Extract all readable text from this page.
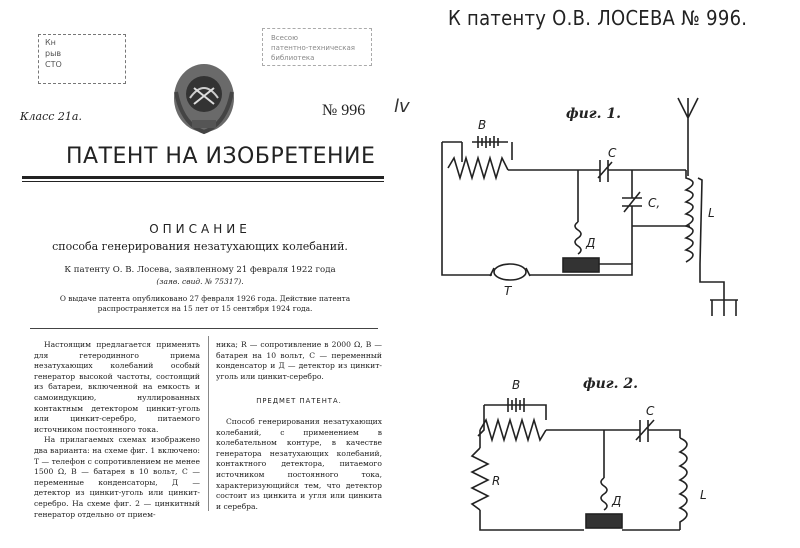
Кн
рыв
СТО
Всесою
патентно-техническая
библиотека
Класс 21a.	№ 996 lv
ПАТЕНТ НА ИЗОБРЕТЕНИЕ
ОПИСАНИЕ
способа генерирования незатухающих колебаний.
К патенту О. В. Лосева, заявленному 21 февраля 1922 года
(заяв. свид. № 75317).
О выдаче патента опубликовано 27 февраля 1926 года. Действие патента распространяется на 15 лет от 15 сентября 1924 года.

Настоящим предлагается применять для гетеродинного приема незатухающих колебаний особый генератор высокой частоты, состоящий из батареи, включенной на емкость и самоиндукцию, нуллированных контактным детектором цинкит-уголь или цинкит-серебро, питаемого источником постоянного тока.

На прилагаемых схемах изображено два варианта: на схеме фиг. 1 включено: T — телефон с сопротивлением не менее 1500 Ω, B — батарея в 10 вольт, C — переменные конденсаторы, Д — детектор из цинкит-уголь или цинкит-серебро. На схеме фиг. 2 — цинкитный генератор отдельно от прием-

ника; R — сопротивление в 2000 Ω, B — батарея на 10 вольт, C — переменный конденсатор и Д — детектор из цинкит-уголь или цинкит-серебро.

ПРЕДМЕТ ПАТЕНТА.

Способ генерирования незатухающих колебаний, с применением в колебательном контуре, в качестве генератора незатухающих колебаний, контактного детектора, питаемого источником постоянного тока, характеризующийся тем, что детектор состоит из цинкита и угля или цинкита и серебра.

К патенту О.В. ЛОСЕВА № 996.
фиг. 1.
фиг. 2.
B
C
C,
L
Д
T
B
C
R
L
Д
